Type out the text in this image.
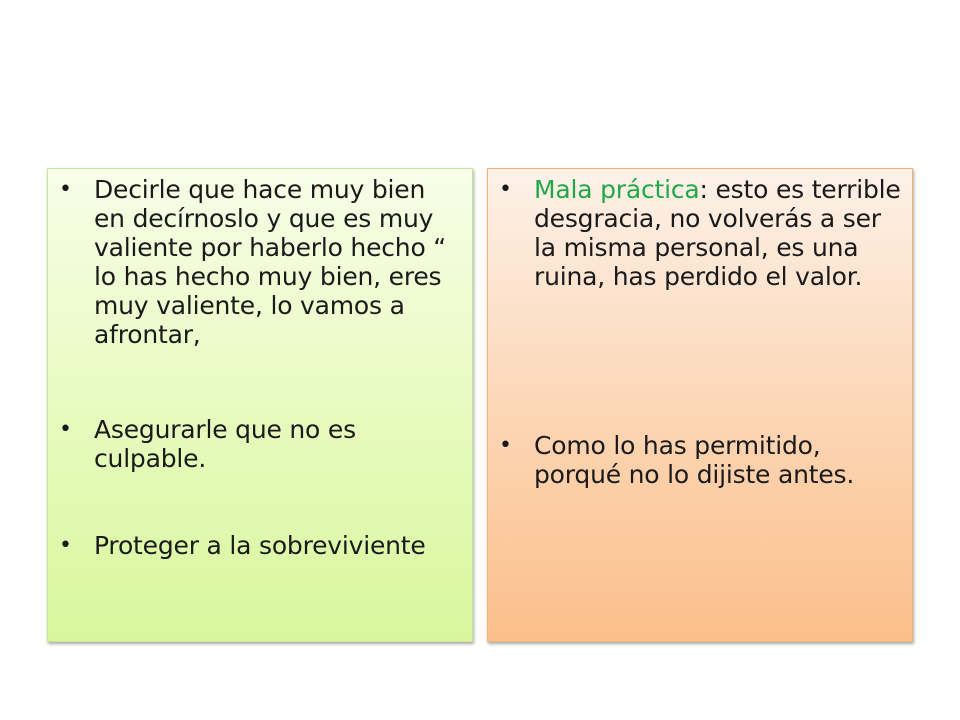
• Decirle que hace muy bien en decírnoslo y que es muy valiente por haberlo hecho “ lo has hecho muy bien, eres muy valiente, lo vamos a afrontar,
• Asegurarle que no es culpable.
• Proteger a la sobreviviente
• Mala práctica: esto es terrible desgracia, no volverás a ser la misma personal, es una ruina, has perdido el valor.
• Como lo has permitido, porqué no lo dijiste antes.
